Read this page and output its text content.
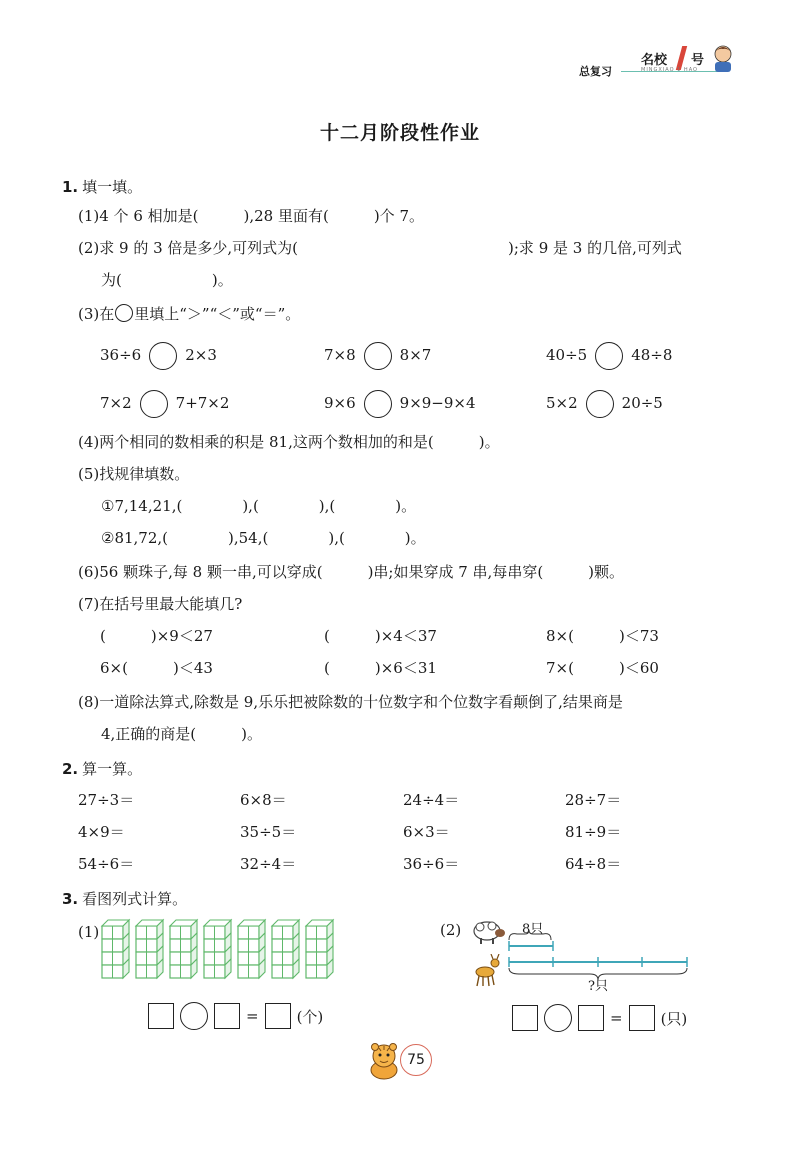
总复习
名校 号
MINGXIAO 1 HAO
十二月阶段性作业
1. 填一填。
(1)4 个 6 相加是(　　　),28 里面有(　　　)个 7。
(2)求 9 的 3 倍是多少,可列式为(　　　　　　　　　　　　　　);求 9 是 3 的几倍,可列式
为(　　　　　　)。
(3)在 里填上“＞”“＜”或“＝”。
36÷6	2×3	7×8	8×7	40÷5	48÷8
7×2	7+7×2	9×6	9×9−9×4	5×2	20÷5
(4)两个相同的数相乘的积是 81,这两个数相加的和是(　　　)。
(5)找规律填数。
①7,14,21,(　　　　),(　　　　),(　　　　)。
②81,72,(　　　　),54,(　　　　),(　　　　)。
(6)56 颗珠子,每 8 颗一串,可以穿成(　　　)串;如果穿成 7 串,每串穿(　　　)颗。
(7)在括号里最大能填几?
(　　　)×9＜27	(　　　)×4＜37	8×(　　　)＜73
6×(　　　)＜43	(　　　)×6＜31	7×(　　　)＜60
(8)一道除法算式,除数是 9,乐乐把被除数的十位数字和个位数字看颠倒了,结果商是
4,正确的商是(　　　)。
2. 算一算。
27÷3＝	6×8＝	24÷4＝	28÷7＝
4×9＝	35÷5＝	6×3＝	81÷9＝
54÷6＝	32÷4＝	36÷6＝	64÷8＝
3. 看图列式计算。
(1)
=	(个)
(2)	8只
?只
=	(只)
75
